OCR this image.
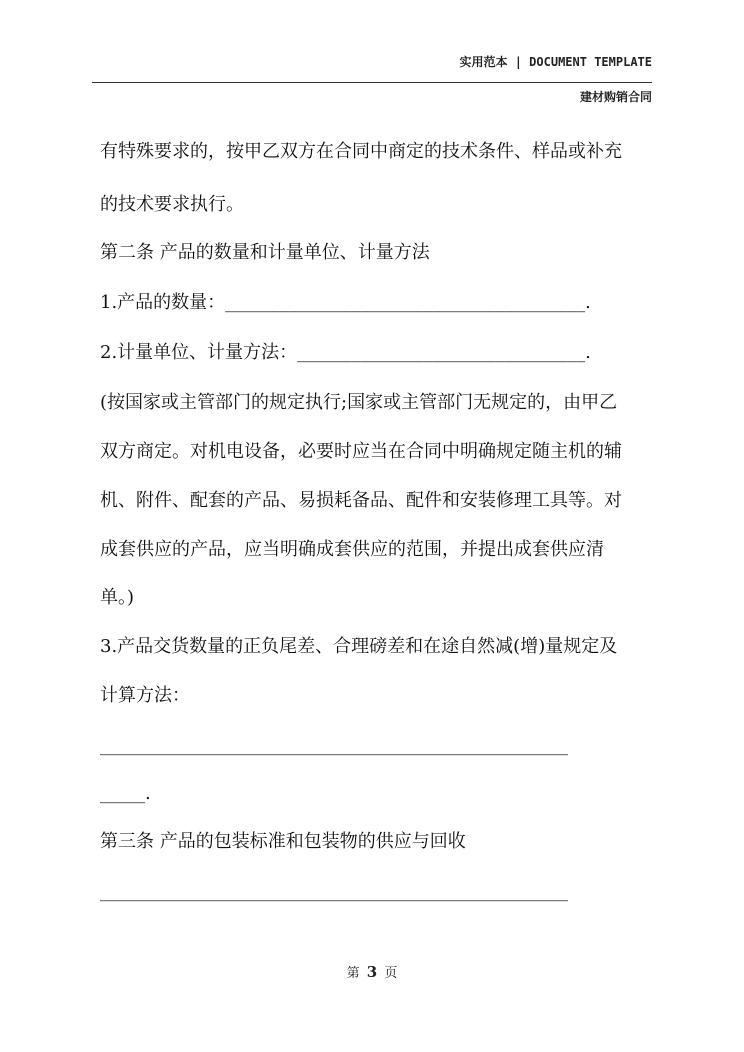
实用范本 | DOCUMENT TEMPLATE
建材购销合同
有特殊要求的，按甲乙双方在合同中商定的技术条件、样品或补充
的技术要求执行。
第二条 产品的数量和计量单位、计量方法
1.产品的数量：________________________________________.
2.计量单位、计量方法：________________________________.
(按国家或主管部门的规定执行;国家或主管部门无规定的，由甲乙
双方商定。对机电设备，必要时应当在合同中明确规定随主机的辅
机、附件、配套的产品、易损耗备品、配件和安装修理工具等。对
成套供应的产品，应当明确成套供应的范围，并提出成套供应清
单。)
3.产品交货数量的正负尾差、合理磅差和在途自然减(增)量规定及
计算方法：
____________________________________________________
_____.
第三条 产品的包装标准和包装物的供应与回收
____________________________________________________
第 3 页
